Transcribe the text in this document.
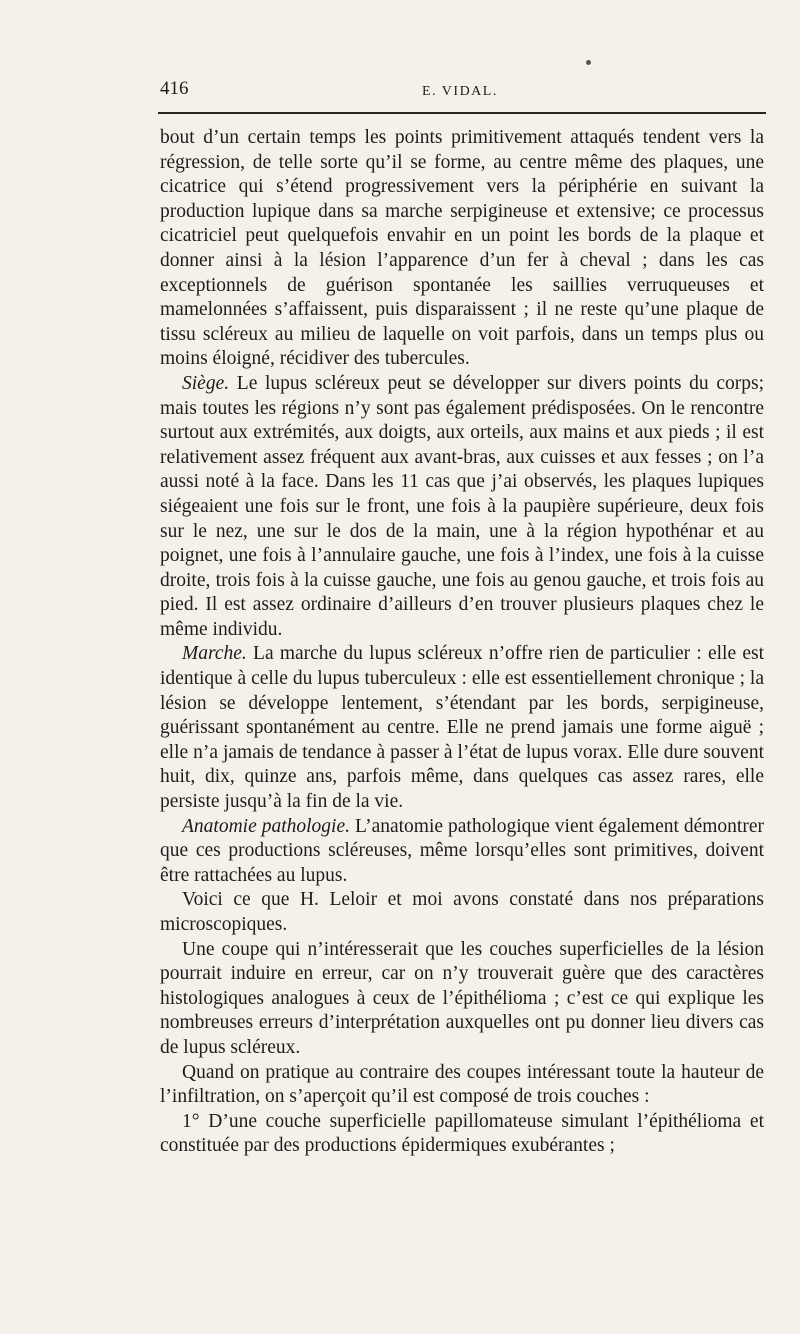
416	E. VIDAL.

bout d’un certain temps les points primitivement attaqués tendent vers la régression, de telle sorte qu’il se forme, au centre même des plaques, une cicatrice qui s’étend progressivement vers la périphérie en suivant la production lupique dans sa marche serpigineuse et extensive; ce processus cicatriciel peut quelquefois envahir en un point les bords de la plaque et donner ainsi à la lésion l’apparence d’un fer à cheval ; dans les cas exceptionnels de guérison spontanée les saillies verruqueuses et mamelonnées s’affaissent, puis disparaissent ; il ne reste qu’une plaque de tissu scléreux au milieu de laquelle on voit parfois, dans un temps plus ou moins éloigné, récidiver des tubercules.

Siège. Le lupus scléreux peut se développer sur divers points du corps; mais toutes les régions n’y sont pas également prédisposées. On le rencontre surtout aux extrémités, aux doigts, aux orteils, aux mains et aux pieds ; il est relativement assez fréquent aux avant-bras, aux cuisses et aux fesses ; on l’a aussi noté à la face. Dans les 11 cas que j’ai observés, les plaques lupiques siégeaient une fois sur le front, une fois à la paupière supérieure, deux fois sur le nez, une sur le dos de la main, une à la région hypothénar et au poignet, une fois à l’annulaire gauche, une fois à l’index, une fois à la cuisse droite, trois fois à la cuisse gauche, une fois au genou gauche, et trois fois au pied. Il est assez ordinaire d’ailleurs d’en trouver plusieurs plaques chez le même individu.

Marche. La marche du lupus scléreux n’offre rien de particulier : elle est identique à celle du lupus tuberculeux : elle est essentiellement chronique ; la lésion se développe lentement, s’étendant par les bords, serpigineuse, guérissant spontanément au centre. Elle ne prend jamais une forme aiguë ; elle n’a jamais de tendance à passer à l’état de lupus vorax. Elle dure souvent huit, dix, quinze ans, parfois même, dans quelques cas assez rares, elle persiste jusqu’à la fin de la vie.

Anatomie pathologie. L’anatomie pathologique vient également démontrer que ces productions scléreuses, même lorsqu’elles sont primitives, doivent être rattachées au lupus.

Voici ce que H. Leloir et moi avons constaté dans nos préparations microscopiques.

Une coupe qui n’intéresserait que les couches superficielles de la lésion pourrait induire en erreur, car on n’y trouverait guère que des caractères histologiques analogues à ceux de l’épithélioma ; c’est ce qui explique les nombreuses erreurs d’interprétation auxquelles ont pu donner lieu divers cas de lupus scléreux.

Quand on pratique au contraire des coupes intéressant toute la hauteur de l’infiltration, on s’aperçoit qu’il est composé de trois couches :

1° D’une couche superficielle papillomateuse simulant l’épithélioma et constituée par des productions épidermiques exubérantes ;
